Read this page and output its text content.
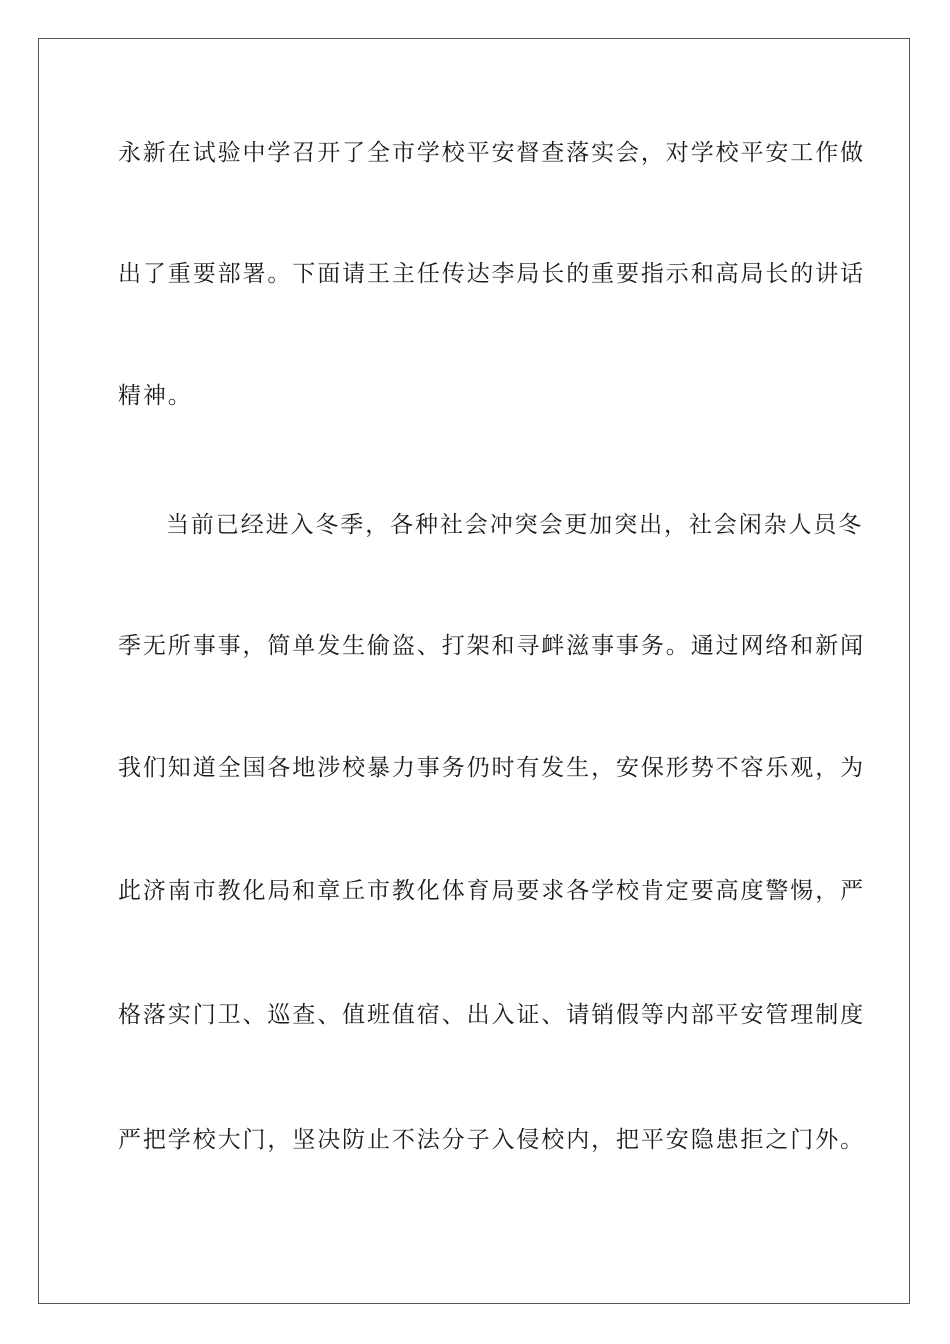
永新在试验中学召开了全市学校平安督查落实会，对学校平安工作做
出了重要部署。下面请王主任传达李局长的重要指示和高局长的讲话
精神。
当前已经进入冬季，各种社会冲突会更加突出，社会闲杂人员冬
季无所事事，简单发生偷盗、打架和寻衅滋事事务。通过网络和新闻
我们知道全国各地涉校暴力事务仍时有发生，安保形势不容乐观，为
此济南市教化局和章丘市教化体育局要求各学校肯定要高度警惕，严
格落实门卫、巡查、值班值宿、出入证、请销假等内部平安管理制度
严把学校大门，坚决防止不法分子入侵校内，把平安隐患拒之门外。
